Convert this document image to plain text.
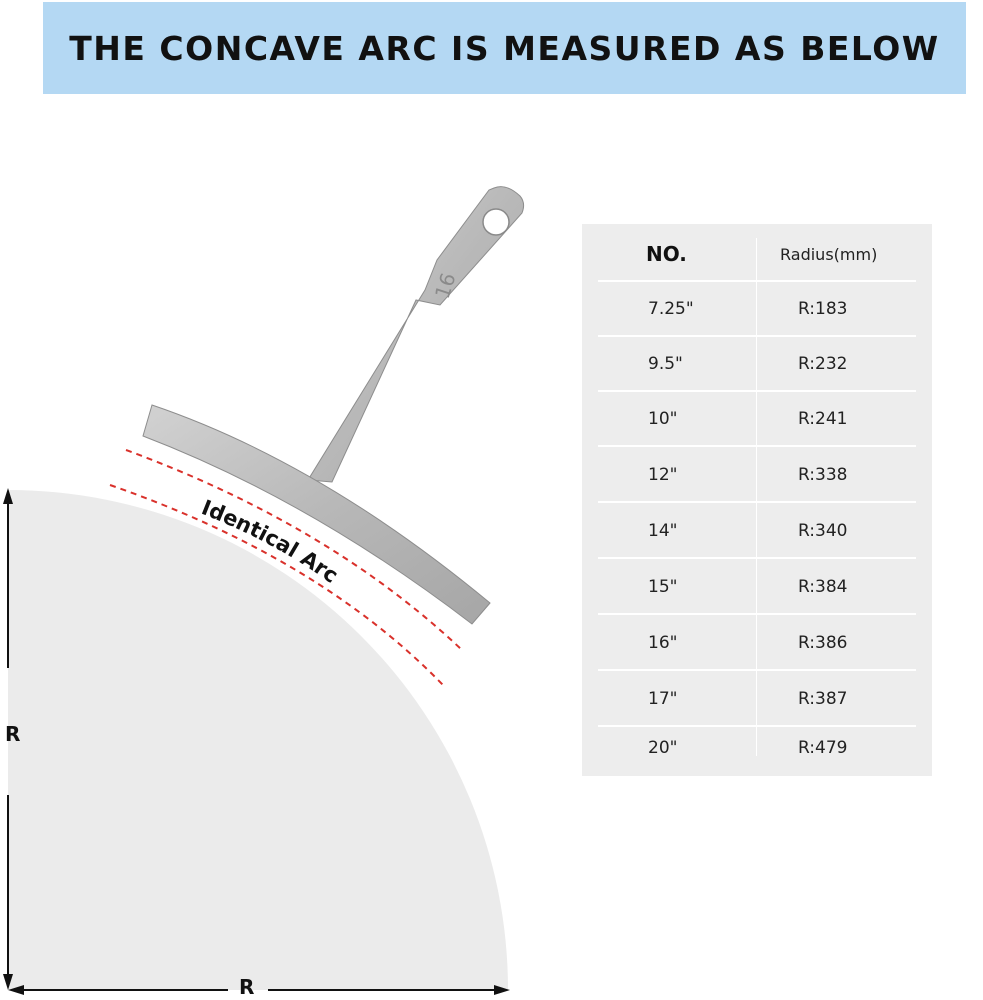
THE CONCAVE ARC IS MEASURED AS BELOW
16
Identical Arc
R
R
NO.	Radius(mm)
7.25"	R:183
9.5"	R:232
10"	R:241
12"	R:338
14"	R:340
15"	R:384
16"	R:386
17"	R:387
20"	R:479
